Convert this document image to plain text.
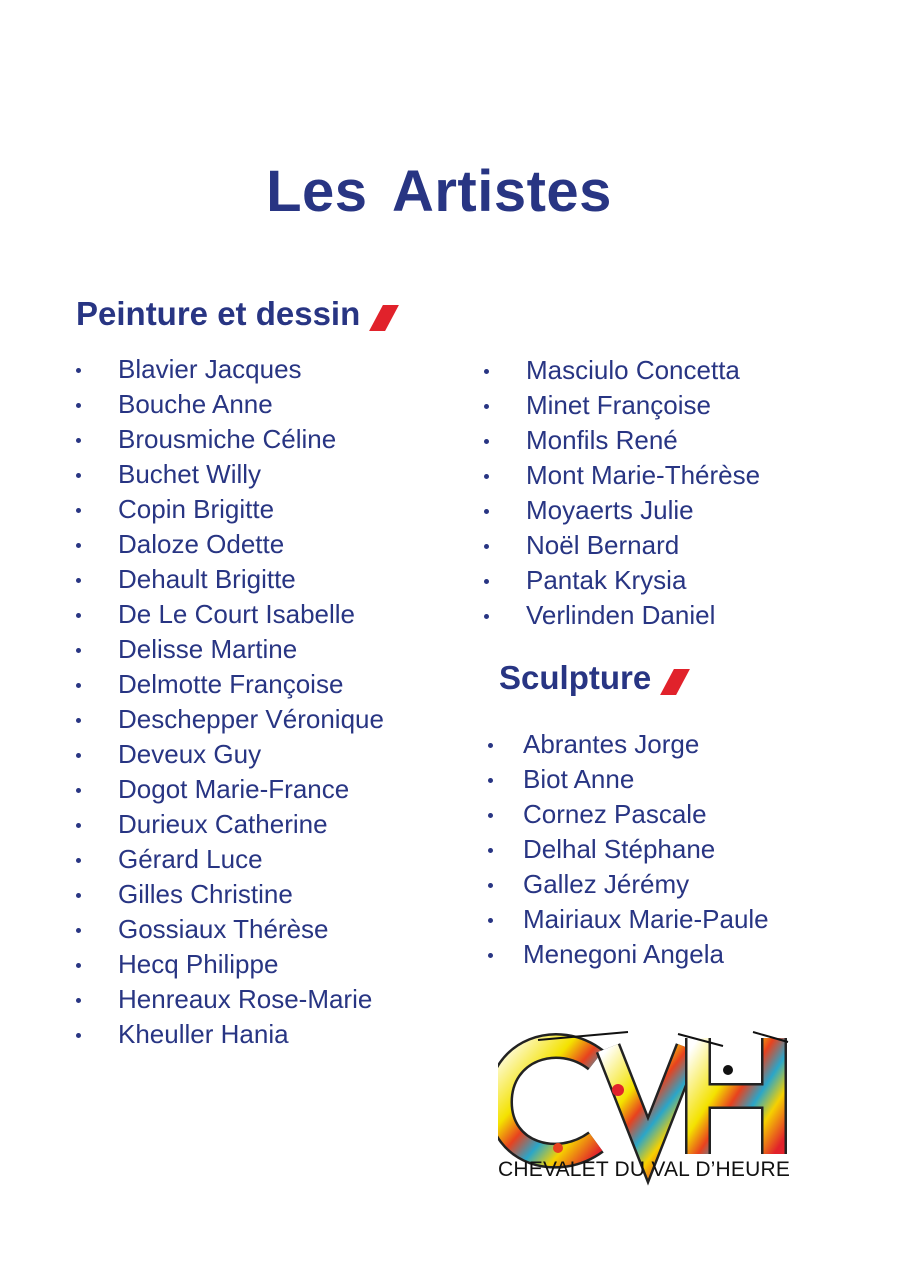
Les Artistes
Peinture et dessin
Blavier Jacques
Bouche Anne
Brousmiche Céline
Buchet Willy
Copin Brigitte
Daloze Odette
Dehault Brigitte
De Le Court Isabelle
Delisse Martine
Delmotte Françoise
Deschepper Véronique
Deveux Guy
Dogot Marie-France
Durieux Catherine
Gérard Luce
Gilles Christine
Gossiaux Thérèse
Hecq Philippe
Henreaux Rose-Marie
Kheuller Hania
Masciulo Concetta
Minet Françoise
Monfils René
Mont Marie-Thérèse
Moyaerts Julie
Noël Bernard
Pantak Krysia
Verlinden Daniel
Sculpture
Abrantes Jorge
Biot Anne
Cornez Pascale
Delhal Stéphane
Gallez Jérémy
Mairiaux Marie-Paule
Menegoni Angela
CHEVALET DU VAL D’HEURE
